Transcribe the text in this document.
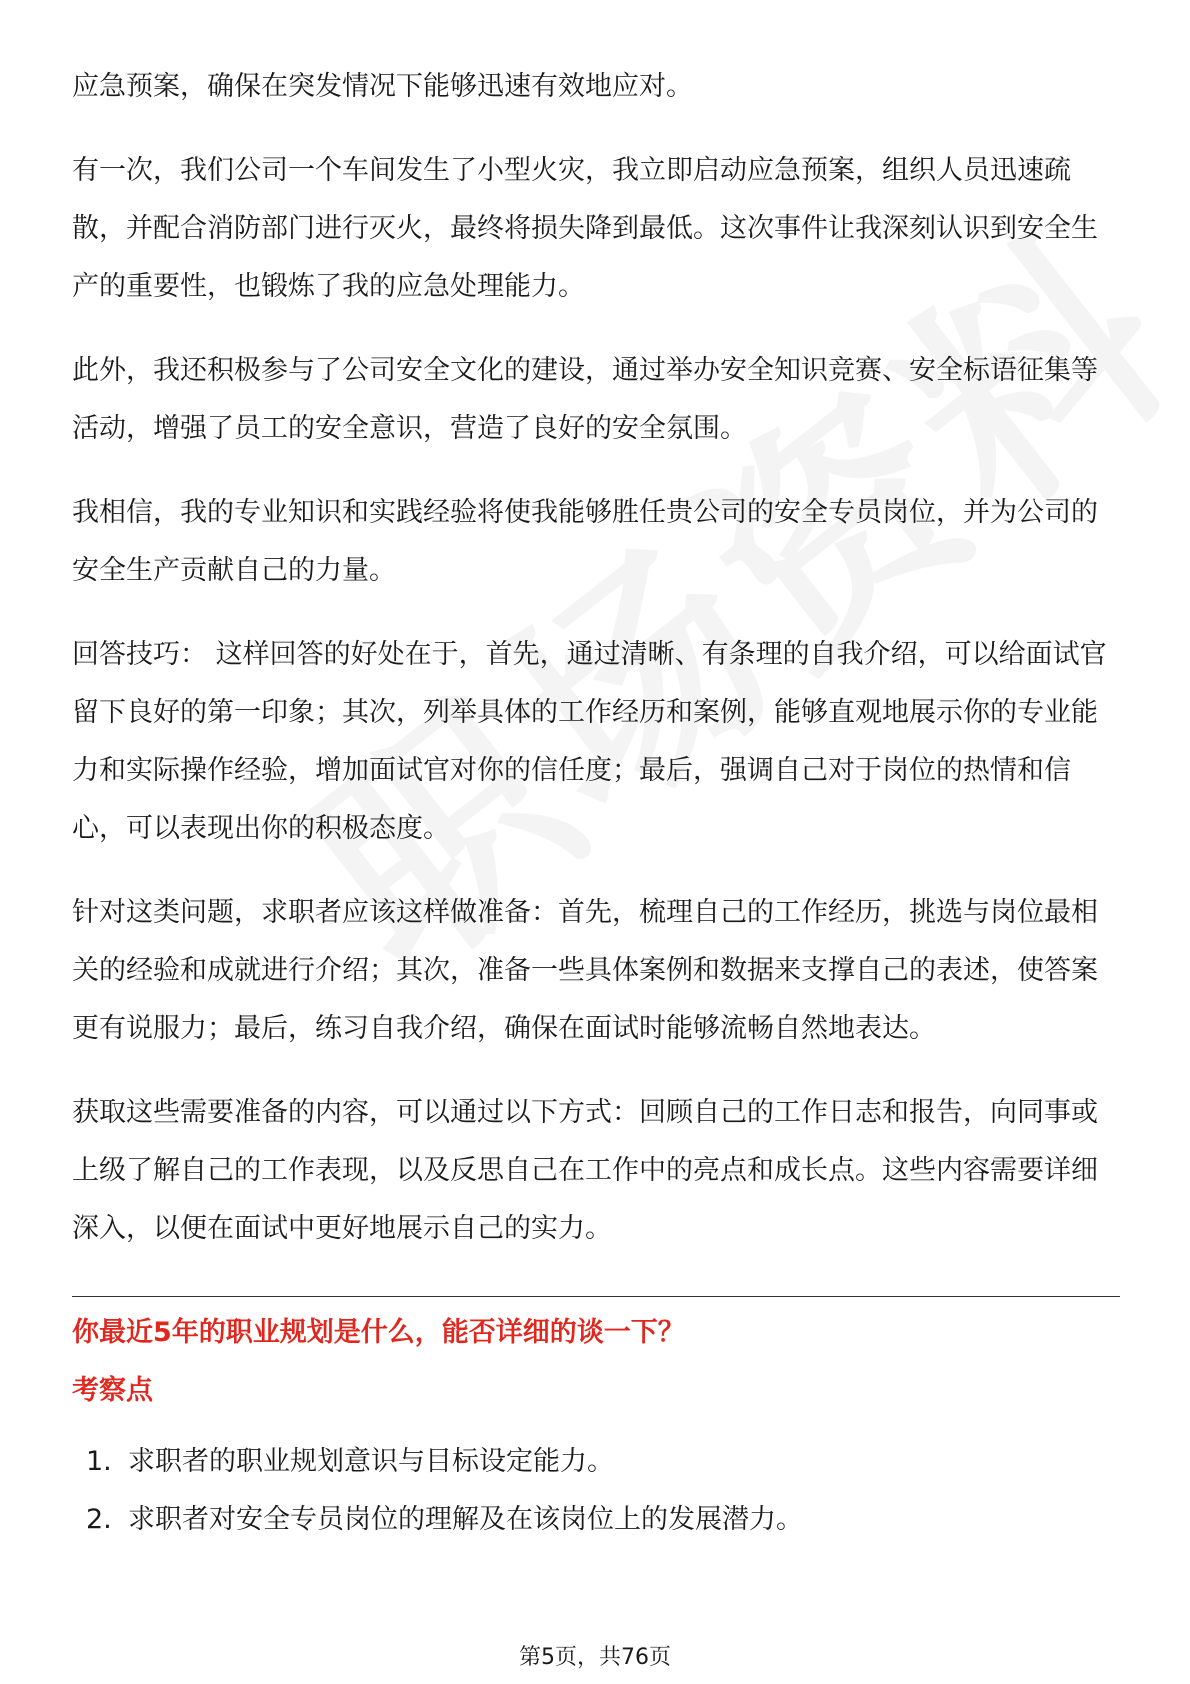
应急预案，确保在突发情况下能够迅速有效地应对。

有一次，我们公司一个车间发生了小型火灾，我立即启动应急预案，组织人员迅速疏散，并配合消防部门进行灭火，最终将损失降到最低。这次事件让我深刻认识到安全生产的重要性，也锻炼了我的应急处理能力。

此外，我还积极参与了公司安全文化的建设，通过举办安全知识竞赛、安全标语征集等活动，增强了员工的安全意识，营造了良好的安全氛围。

我相信，我的专业知识和实践经验将使我能够胜任贵公司的安全专员岗位，并为公司的安全生产贡献自己的力量。

回答技巧： 这样回答的好处在于，首先，通过清晰、有条理的自我介绍，可以给面试官留下良好的第一印象；其次，列举具体的工作经历和案例，能够直观地展示你的专业能力和实际操作经验，增加面试官对你的信任度；最后，强调自己对于岗位的热情和信心，可以表现出你的积极态度。

针对这类问题，求职者应该这样做准备：首先，梳理自己的工作经历，挑选与岗位最相关的经验和成就进行介绍；其次，准备一些具体案例和数据来支撑自己的表述，使答案更有说服力；最后，练习自我介绍，确保在面试时能够流畅自然地表达。

获取这些需要准备的内容，可以通过以下方式：回顾自己的工作日志和报告，向同事或上级了解自己的工作表现，以及反思自己在工作中的亮点和成长点。这些内容需要详细深入，以便在面试中更好地展示自己的实力。

你最近5年的职业规划是什么，能否详细的谈一下？
考察点
1. 求职者的职业规划意识与目标设定能力。
2. 求职者对安全专员岗位的理解及在该岗位上的发展潜力。
第5页，共76页
